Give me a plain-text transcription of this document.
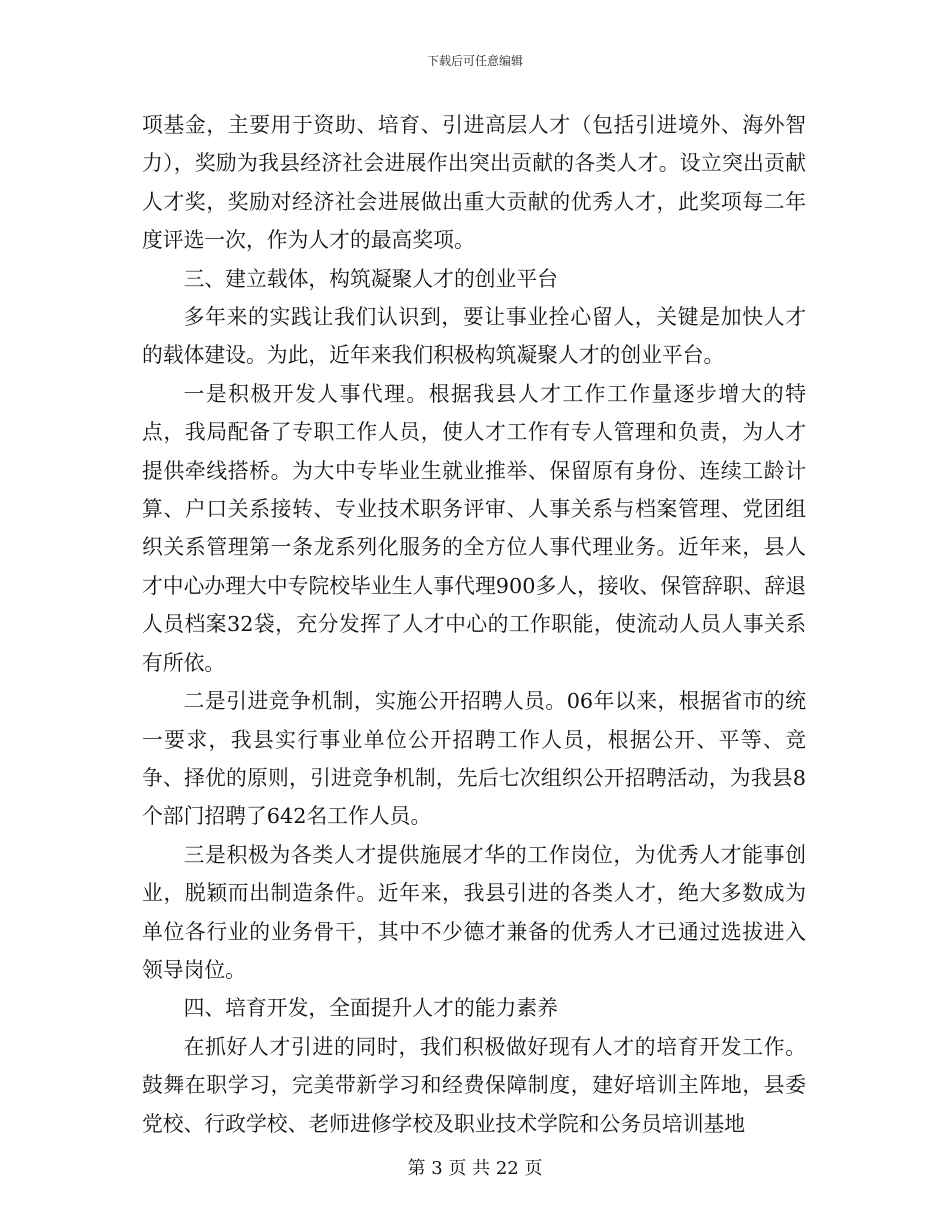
下载后可任意编辑

项基金，主要用于资助、培育、引进高层人才（包括引进境外、海外智力），奖励为我县经济社会进展作出突出贡献的各类人才。设立突出贡献人才奖，奖励对经济社会进展做出重大贡献的优秀人才，此奖项每二年度评选一次，作为人才的最高奖项。

三、建立载体，构筑凝聚人才的创业平台

多年来的实践让我们认识到，要让事业拴心留人，关键是加快人才的载体建设。为此，近年来我们积极构筑凝聚人才的创业平台。

一是积极开发人事代理。根据我县人才工作工作量逐步增大的特点，我局配备了专职工作人员，使人才工作有专人管理和负责，为人才提供牵线搭桥。为大中专毕业生就业推举、保留原有身份、连续工龄计算、户口关系接转、专业技术职务评审、人事关系与档案管理、党团组织关系管理第一条龙系列化服务的全方位人事代理业务。近年来，县人才中心办理大中专院校毕业生人事代理900多人，接收、保管辞职、辞退人员档案32袋，充分发挥了人才中心的工作职能，使流动人员人事关系有所依。

二是引进竞争机制，实施公开招聘人员。06年以来，根据省市的统一要求，我县实行事业单位公开招聘工作人员，根据公开、平等、竞争、择优的原则，引进竞争机制，先后七次组织公开招聘活动，为我县8个部门招聘了642名工作人员。

三是积极为各类人才提供施展才华的工作岗位，为优秀人才能事创业，脱颖而出制造条件。近年来，我县引进的各类人才，绝大多数成为单位各行业的业务骨干，其中不少德才兼备的优秀人才已通过选拔进入领导岗位。

四、培育开发，全面提升人才的能力素养

在抓好人才引进的同时，我们积极做好现有人才的培育开发工作。鼓舞在职学习，完美带新学习和经费保障制度，建好培训主阵地，县委党校、行政学校、老师进修学校及职业技术学院和公务员培训基地

第 3 页 共 22 页
